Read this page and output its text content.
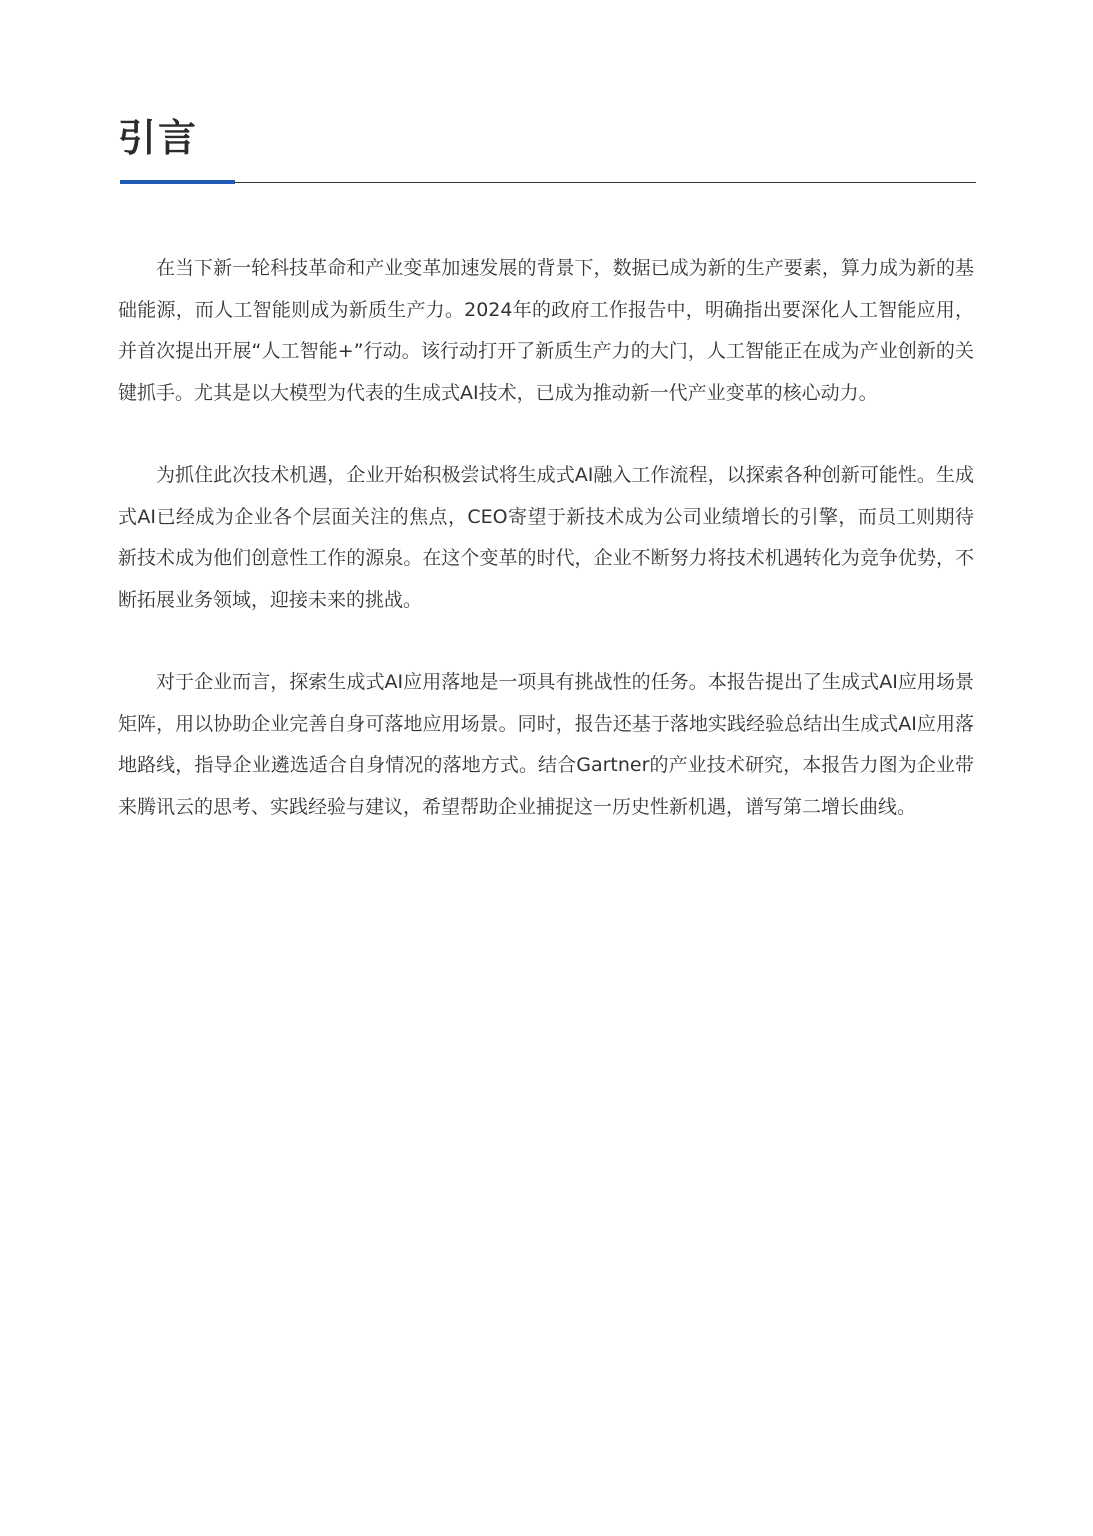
引言

在当下新一轮科技革命和产业变革加速发展的背景下，数据已成为新的生产要素，算力成为新的基础能源，而人工智能则成为新质生产力。2024年的政府工作报告中，明确指出要深化人工智能应用，并首次提出开展“人工智能+”行动。该行动打开了新质生产力的大门，人工智能正在成为产业创新的关键抓手。尤其是以大模型为代表的生成式AI技术，已成为推动新一代产业变革的核心动力。

为抓住此次技术机遇，企业开始积极尝试将生成式AI融入工作流程，以探索各种创新可能性。生成式AI已经成为企业各个层面关注的焦点，CEO寄望于新技术成为公司业绩增长的引擎，而员工则期待新技术成为他们创意性工作的源泉。在这个变革的时代，企业不断努力将技术机遇转化为竞争优势，不断拓展业务领域，迎接未来的挑战。

对于企业而言，探索生成式AI应用落地是一项具有挑战性的任务。本报告提出了生成式AI应用场景矩阵，用以协助企业完善自身可落地应用场景。同时，报告还基于落地实践经验总结出生成式AI应用落地路线，指导企业遴选适合自身情况的落地方式。结合Gartner的产业技术研究，本报告力图为企业带来腾讯云的思考、实践经验与建议，希望帮助企业捕捉这一历史性新机遇，谱写第二增长曲线。
